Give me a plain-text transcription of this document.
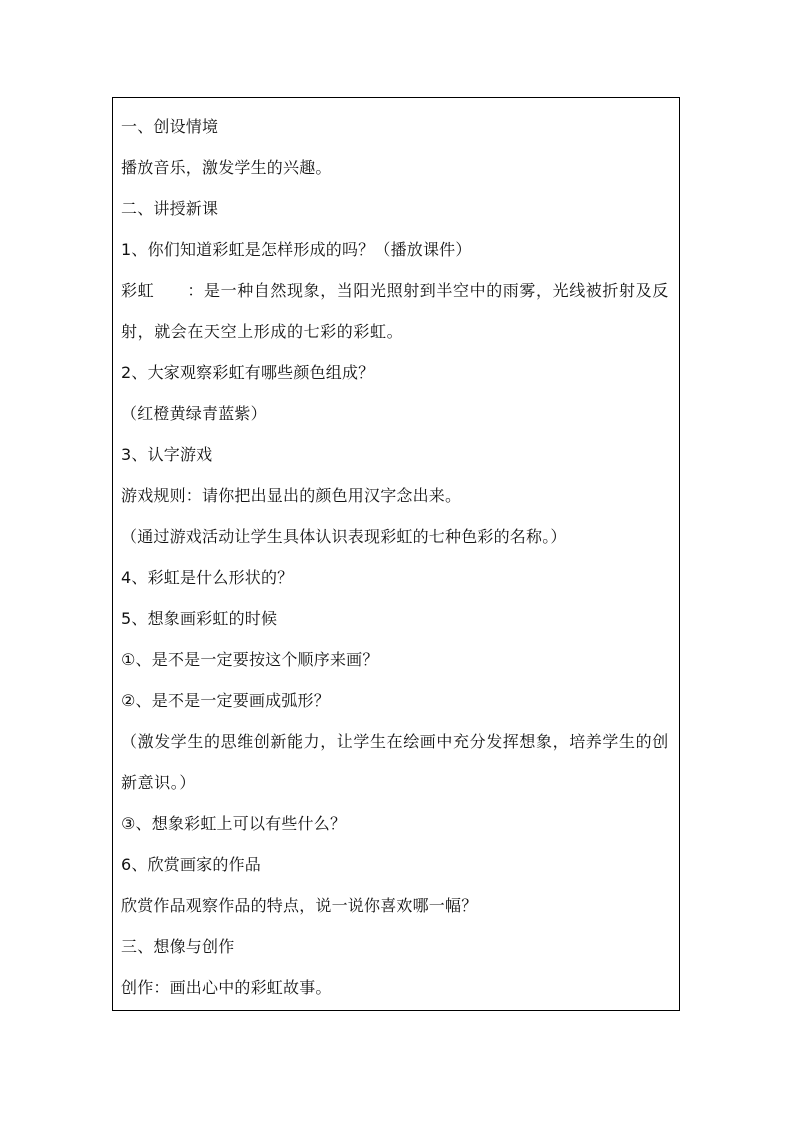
一、创设情境
播放音乐，激发学生的兴趣。
二、讲授新课
1、你们知道彩虹是怎样形成的吗？（播放课件）
彩虹　　：是一种自然现象，当阳光照射到半空中的雨雾，光线被折射及反射，就会在天空上形成的七彩的彩虹。
2、大家观察彩虹有哪些颜色组成？
（红橙黄绿青蓝紫）
3、认字游戏
游戏规则：请你把出显出的颜色用汉字念出来。
（通过游戏活动让学生具体认识表现彩虹的七种色彩的名称。）
4、彩虹是什么形状的？
5、想象画彩虹的时候
①、是不是一定要按这个顺序来画？
②、是不是一定要画成弧形？
（激发学生的思维创新能力，让学生在绘画中充分发挥想象，培养学生的创新意识。）
③、想象彩虹上可以有些什么？
6、欣赏画家的作品
欣赏作品观察作品的特点，说一说你喜欢哪一幅？
三、想像与创作
创作：画出心中的彩虹故事。
